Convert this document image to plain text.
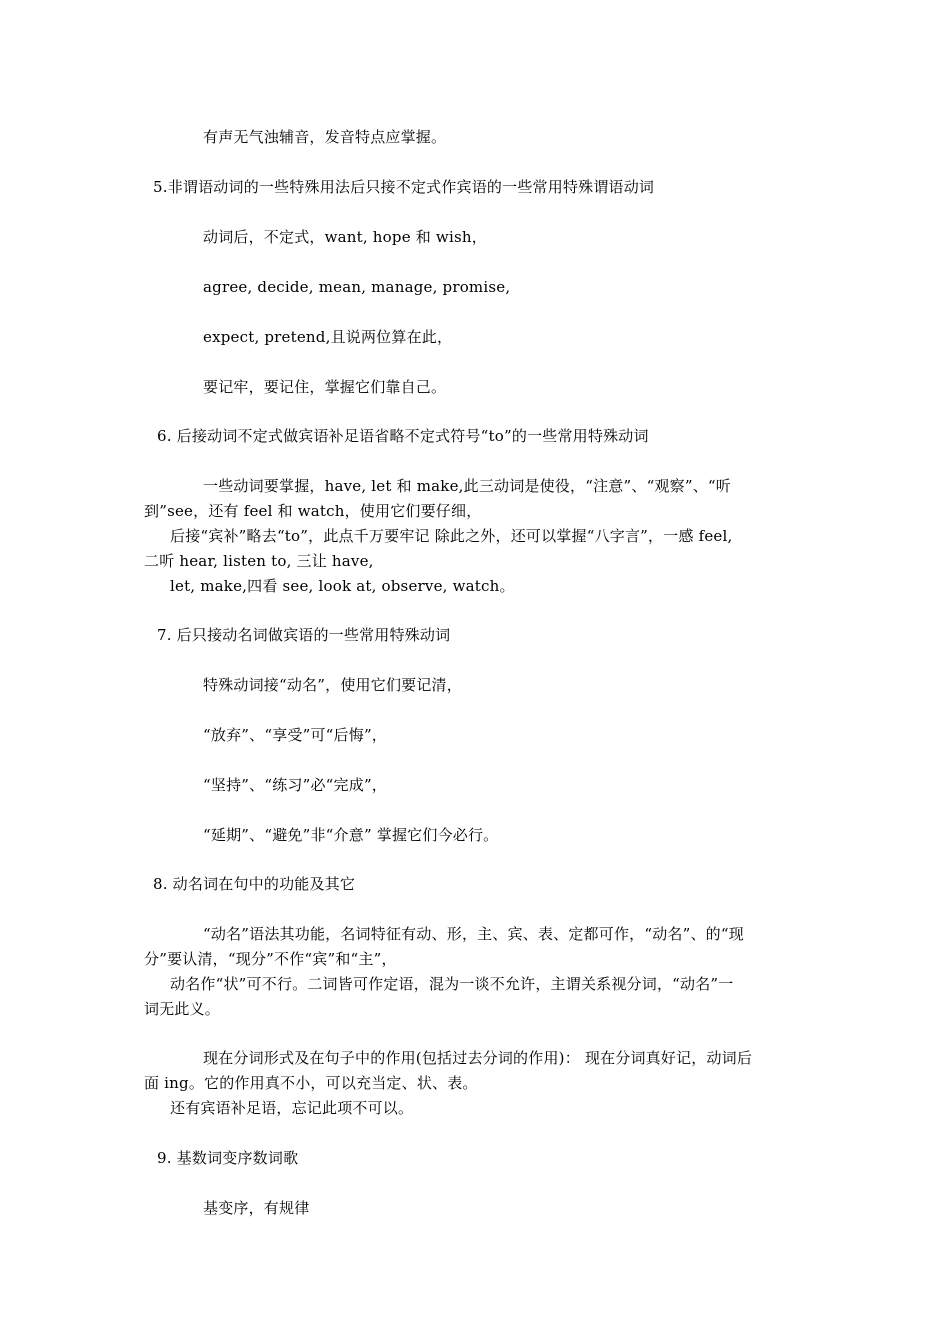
有声无气浊辅音，发音特点应掌握。
5.非谓语动词的一些特殊用法后只接不定式作宾语的一些常用特殊谓语动词
动词后，不定式，want, hope 和 wish，
agree, decide, mean, manage, promise,
expect, pretend,且说两位算在此，
要记牢，要记住，掌握它们靠自己。
6. 后接动词不定式做宾语补足语省略不定式符号“to”的一些常用特殊动词
一些动词要掌握，have, let 和 make,此三动词是使役，“注意”、“观察”、“听
到”see，还有 feel 和 watch，使用它们要仔细，
后接“宾补”略去“to”，此点千万要牢记 除此之外，还可以掌握“八字言”，一感 feel,
二听 hear, listen to, 三让 have,
let, make,四看 see, look at, observe, watch。
7. 后只接动名词做宾语的一些常用特殊动词
特殊动词接“动名”，使用它们要记清，
“放弃”、“享受”可“后悔”，
“坚持”、“练习”必“完成”，
“延期”、“避免”非“介意” 掌握它们今必行。
8. 动名词在句中的功能及其它
“动名”语法其功能，名词特征有动、形，主、宾、表、定都可作，“动名”、的“现
分”要认清，“现分”不作“宾”和“主”，
动名作“状”可不行。二词皆可作定语，混为一谈不允许，主谓关系视分词，“动名”一
词无此义。
现在分词形式及在句子中的作用(包括过去分词的作用)： 现在分词真好记，动词后
面 ing。它的作用真不小，可以充当定、状、表。
还有宾语补足语，忘记此项不可以。
9. 基数词变序数词歌
基变序，有规律
